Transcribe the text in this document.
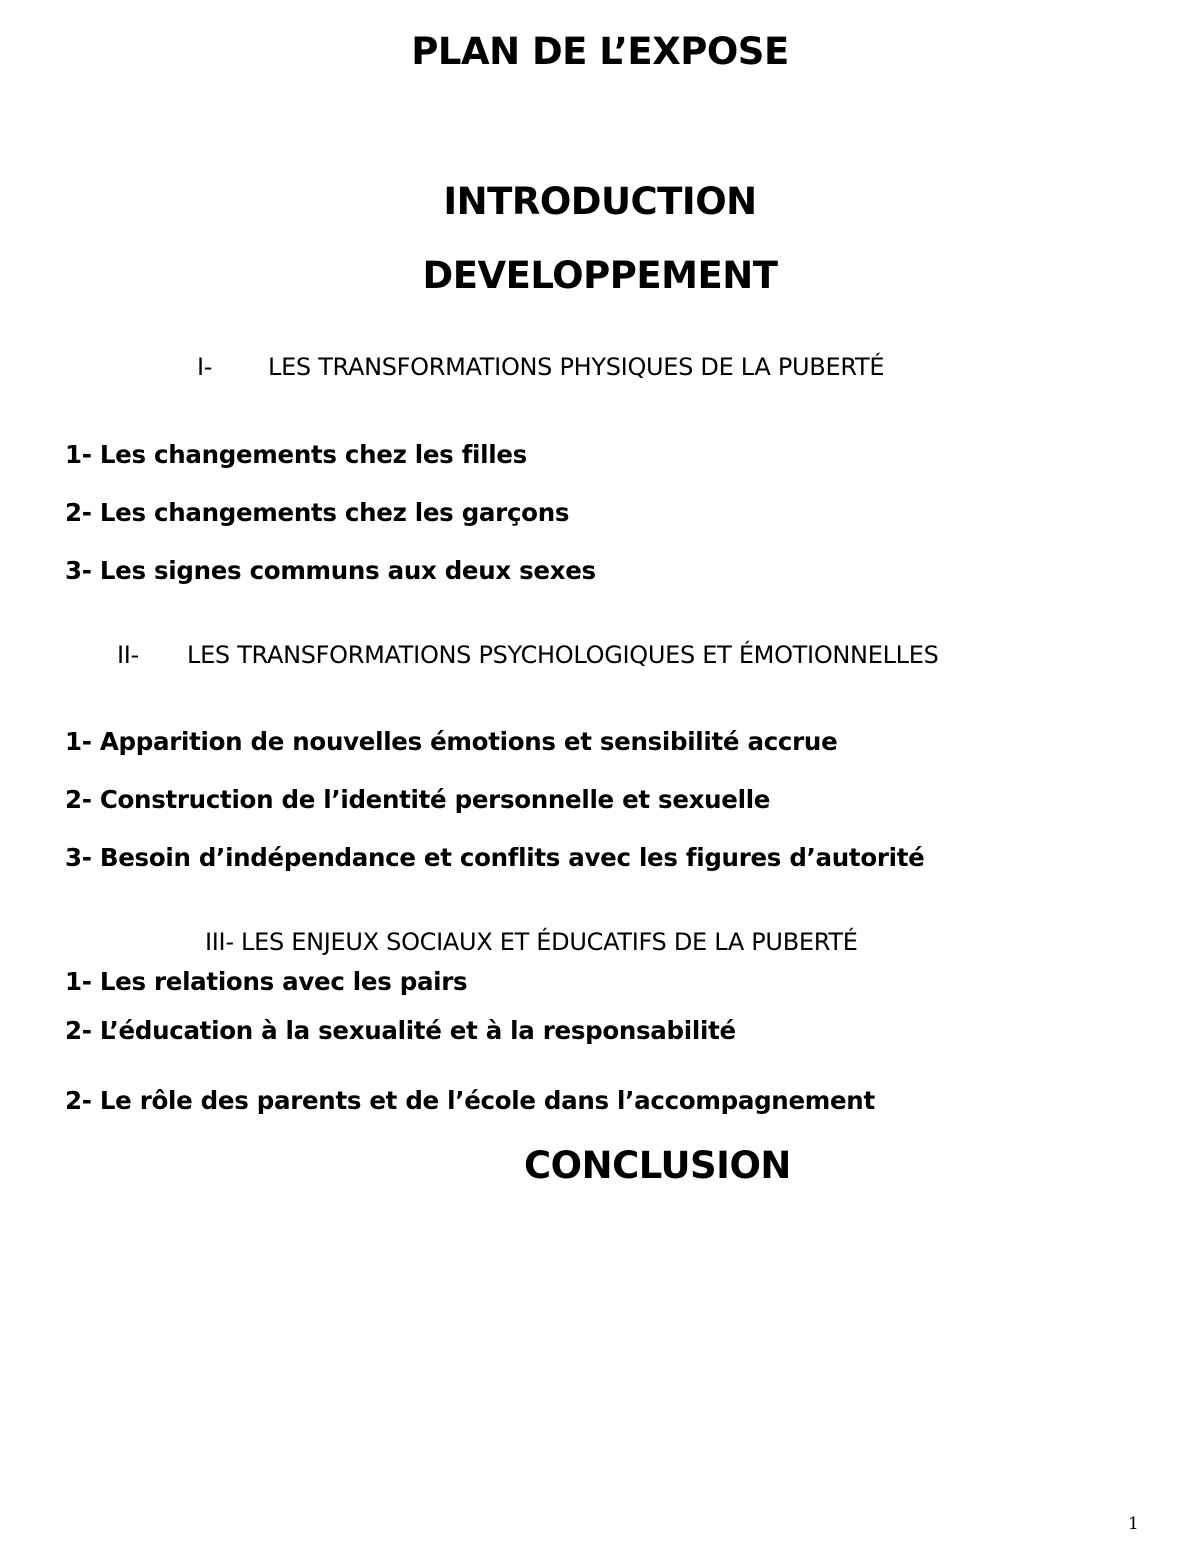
PLAN DE L’EXPOSE
INTRODUCTION
DEVELOPPEMENT
I- LES TRANSFORMATIONS PHYSIQUES DE LA PUBERTÉ
1- Les changements chez les filles
2- Les changements chez les garçons
3- Les signes communs aux deux sexes
II- LES TRANSFORMATIONS PSYCHOLOGIQUES ET ÉMOTIONNELLES
1- Apparition de nouvelles émotions et sensibilité accrue
2- Construction de l’identité personnelle et sexuelle
3- Besoin d’indépendance et conflits avec les figures d’autorité
III- LES ENJEUX SOCIAUX ET ÉDUCATIFS DE LA PUBERTÉ
1- Les relations avec les pairs
2- L’éducation à la sexualité et à la responsabilité
2- Le rôle des parents et de l’école dans l’accompagnement
CONCLUSION
1
